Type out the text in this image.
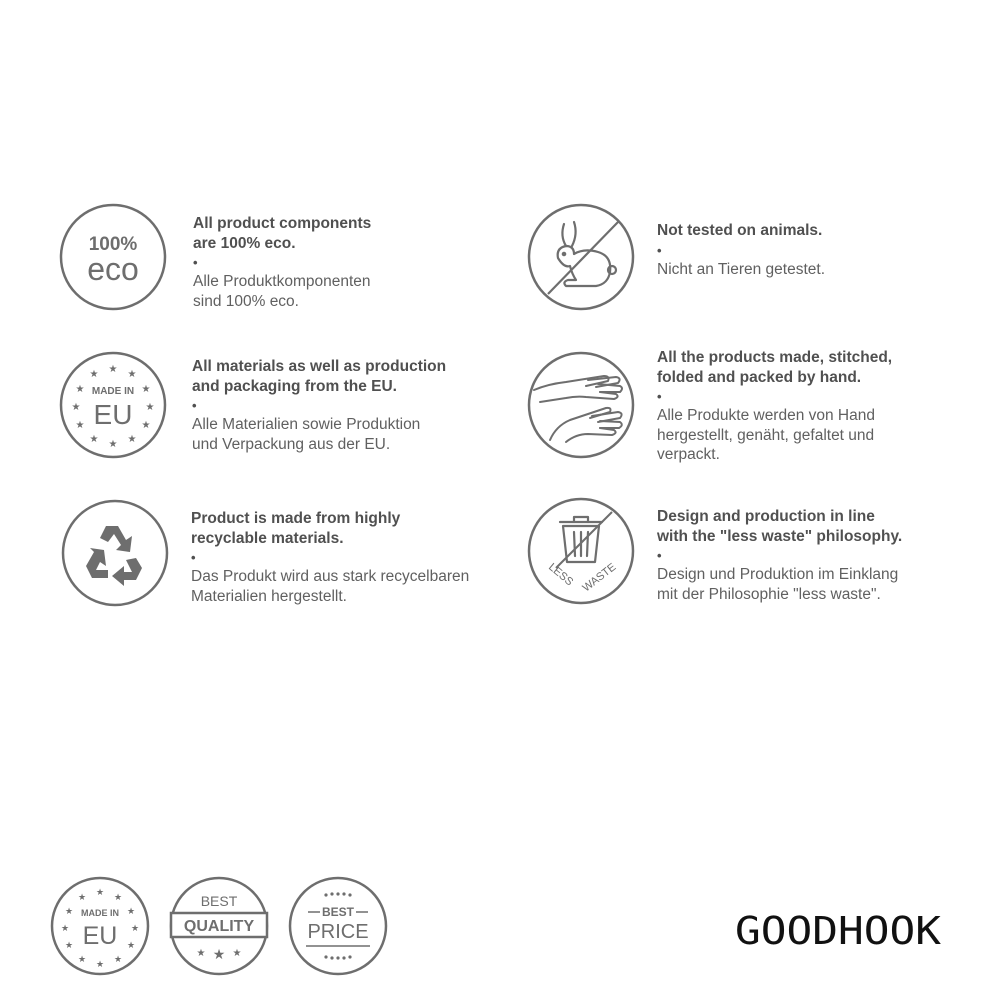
100%
eco
All product components
are 100% eco.
•
Alle Produktkomponenten
sind 100% eco.
Not tested on animals.
•
Nicht an Tieren getestet.
★
★	★
★	★
★	★
★	★
★	★
★
MADE IN
EU
All materials as well as production
and packaging from the EU.
•
Alle Materialien sowie Produktion
und Verpackung aus der EU.
All the products made, stitched,
folded and packed by hand.
•
Alle Produkte werden von Hand
hergestellt, genäht, gefaltet und
verpackt.
Product is made from highly
recyclable materials.
•
Das Produkt wird aus stark recycelbaren
Materialien hergestellt.
LESS WASTE
Design and production in line
with the "less waste" philosophy.
•
Design und Produktion im Einklang
mit der Philosophie "less waste".
★
★	★
★	★
★	★
★	★
★	★
★
MADE IN
EU
BEST
QUALITY
★ ★ ★
BEST
PRICE	GOODHOOK
